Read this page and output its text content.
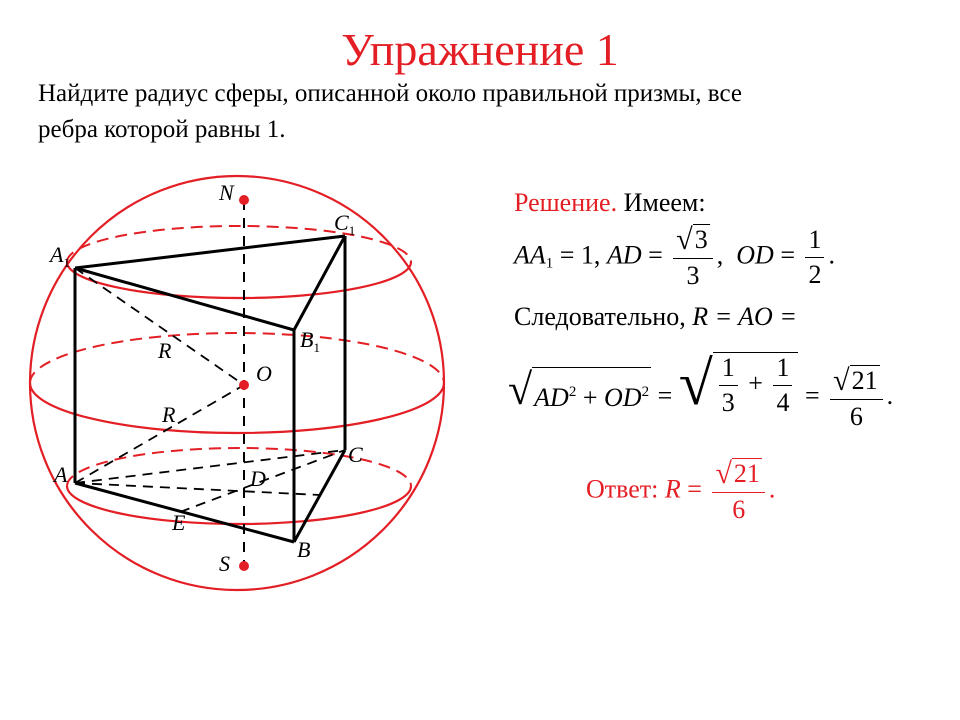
Упражнение 1
Найдите радиус сферы, описанной около правильной призмы, все
ребра которой равны 1.
N
$C_1$
$A_1$
$B_1$
R
O
R
C
A	D
E
B
S
Решение. Имеем:
$AA_1 = 1$, AD = $\frac{√ 3}{3}$ ,  OD = $\frac{1}{2}$ .
Следовательно, R = AO =
√ $AD^2 + OD^2$ = √ $\frac{1}{3} + \frac{1}{4} = \frac{√ 21}{6}$ .
Ответ: $R = \frac{√ 21}{6}$ .
